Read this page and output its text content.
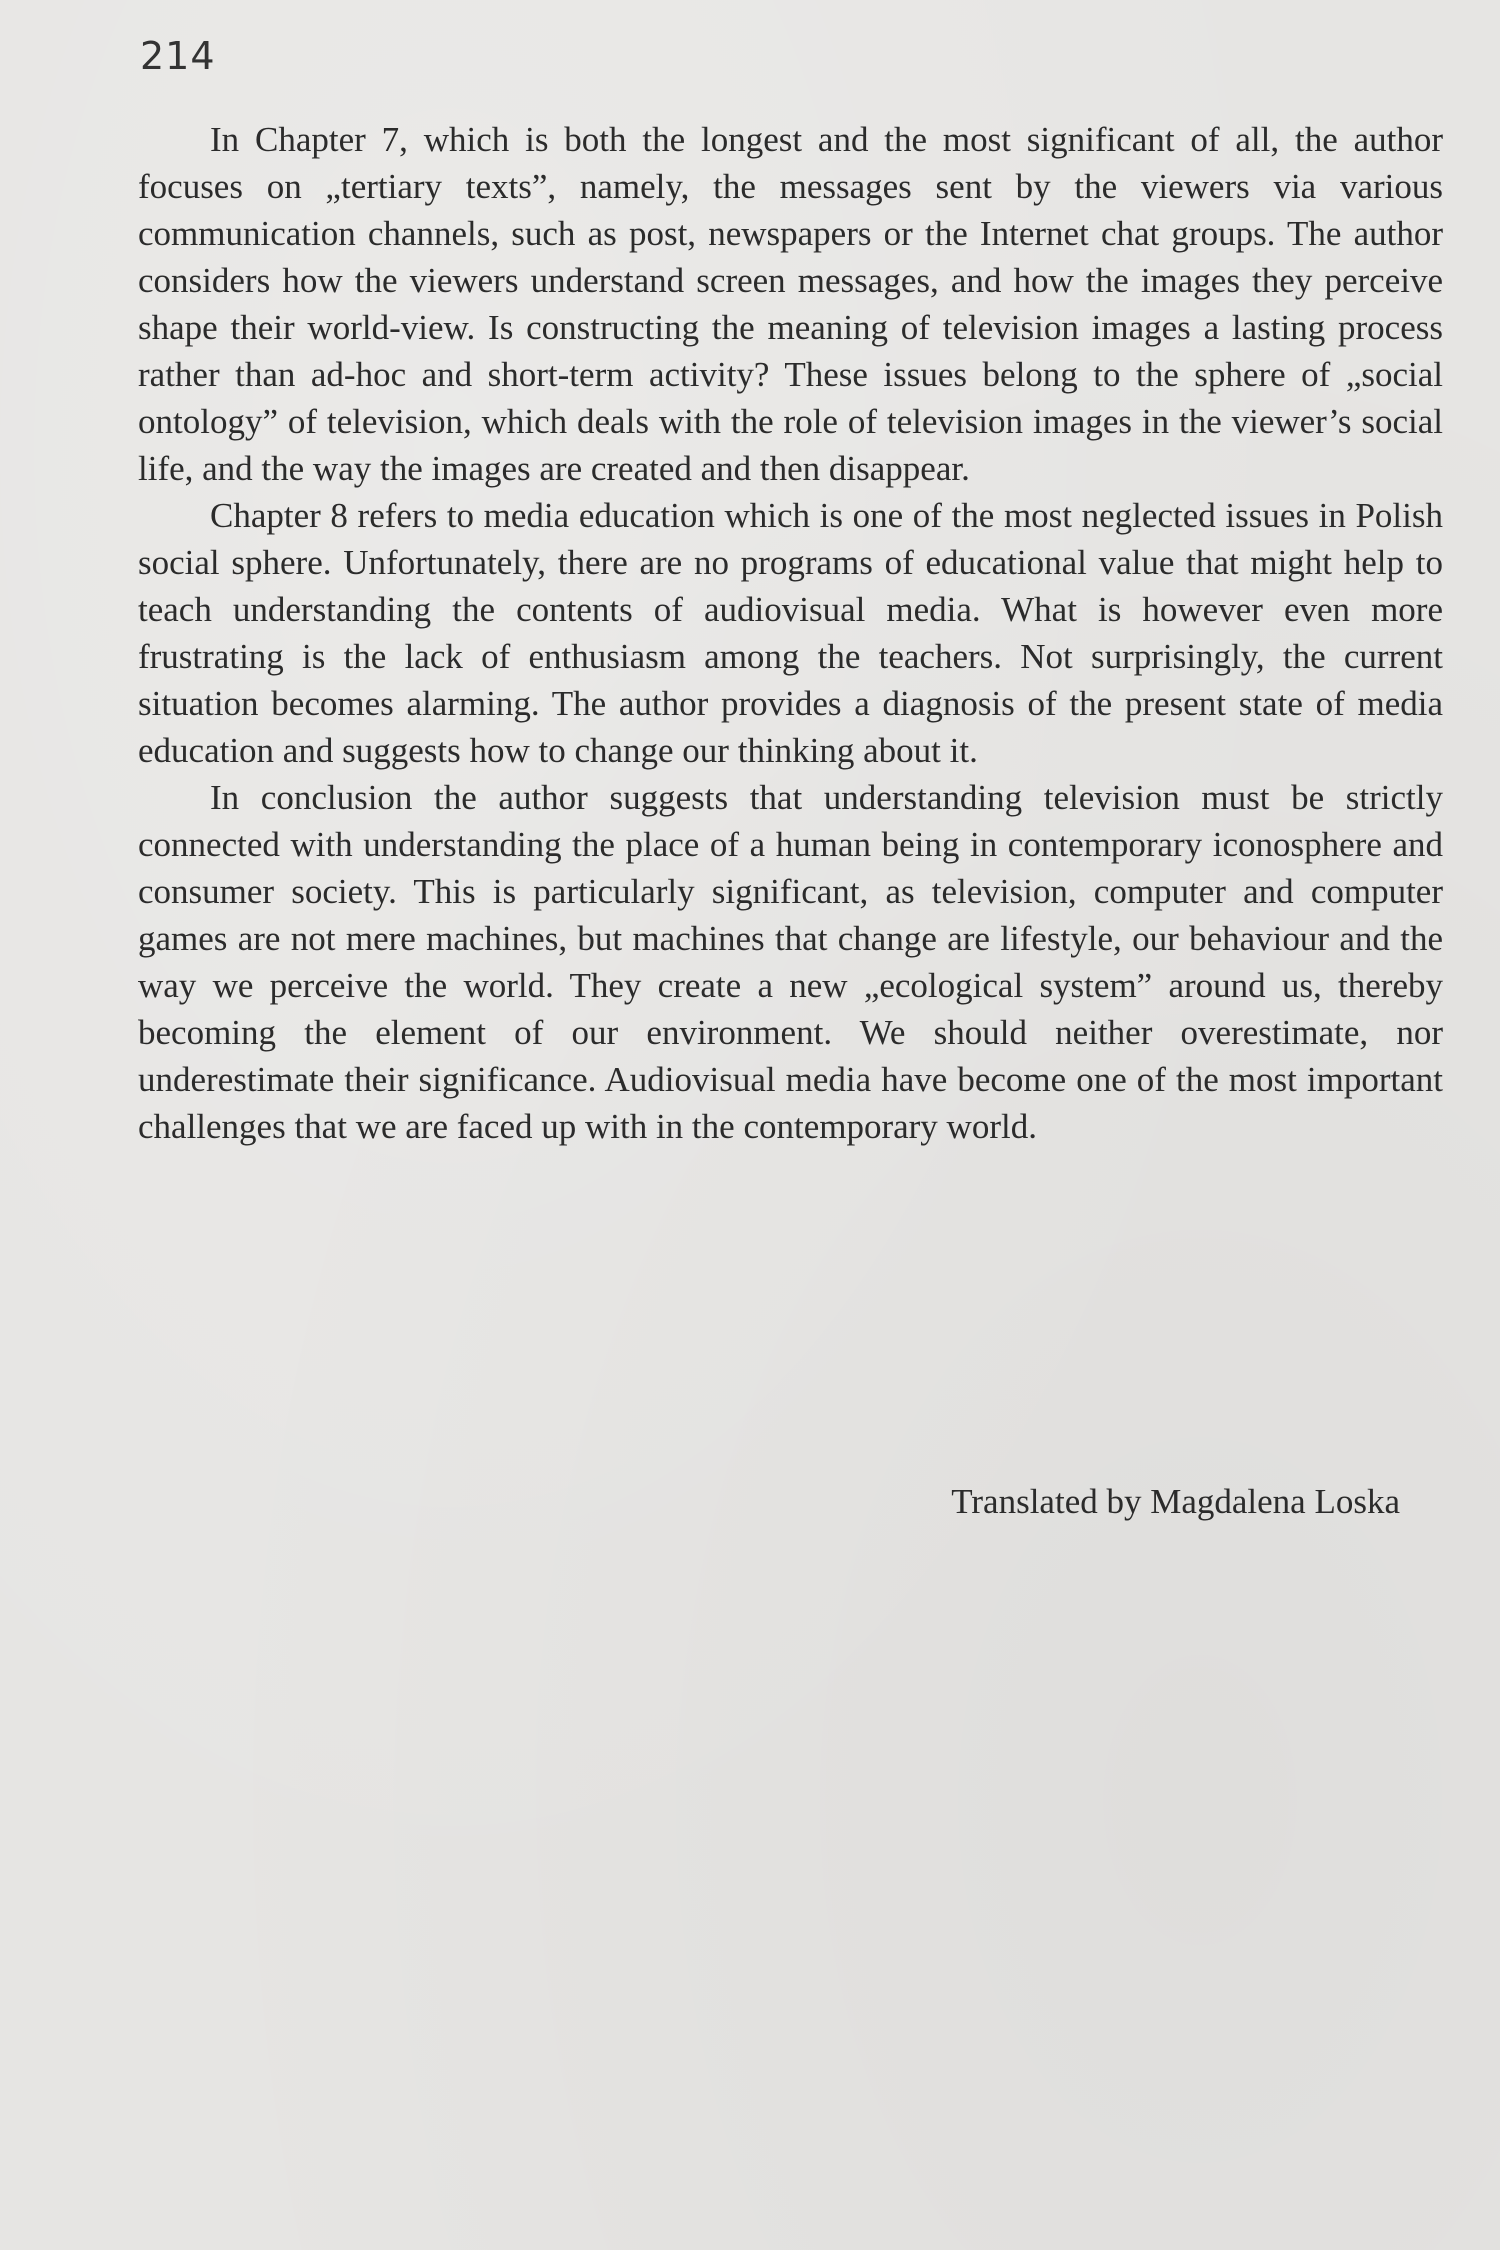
214

In Chapter 7, which is both the longest and the most significant of all, the author focuses on „tertiary texts”, namely, the messages sent by the viewers via various communication channels, such as post, newspapers or the Internet chat groups. The author considers how the viewers understand screen messages, and how the images they perceive shape their world-view. Is constructing the meaning of television images a lasting process rather than ad-hoc and short-term activity? These issues belong to the sphere of „social ontology” of television, which deals with the role of television images in the viewer’s social life, and the way the images are created and then disappear.

Chapter 8 refers to media education which is one of the most neglected issues in Polish social sphere. Unfortunately, there are no programs of educational value that might help to teach understanding the contents of audiovisual media. What is however even more frustrating is the lack of enthusiasm among the teachers. Not surprisingly, the current situation becomes alarming. The author provides a diagnosis of the present state of media education and suggests how to change our thinking about it.

In conclusion the author suggests that understanding television must be strictly connected with understanding the place of a human being in contemporary iconosphere and consumer society. This is particularly significant, as television, computer and computer games are not mere machines, but machines that change are lifestyle, our behaviour and the way we perceive the world. They create a new „ecological system” around us, thereby becoming the element of our environment. We should neither overestimate, nor underestimate their significance. Audiovisual media have become one of the most important challenges that we are faced up with in the contemporary world.

Translated by Magdalena Loska
